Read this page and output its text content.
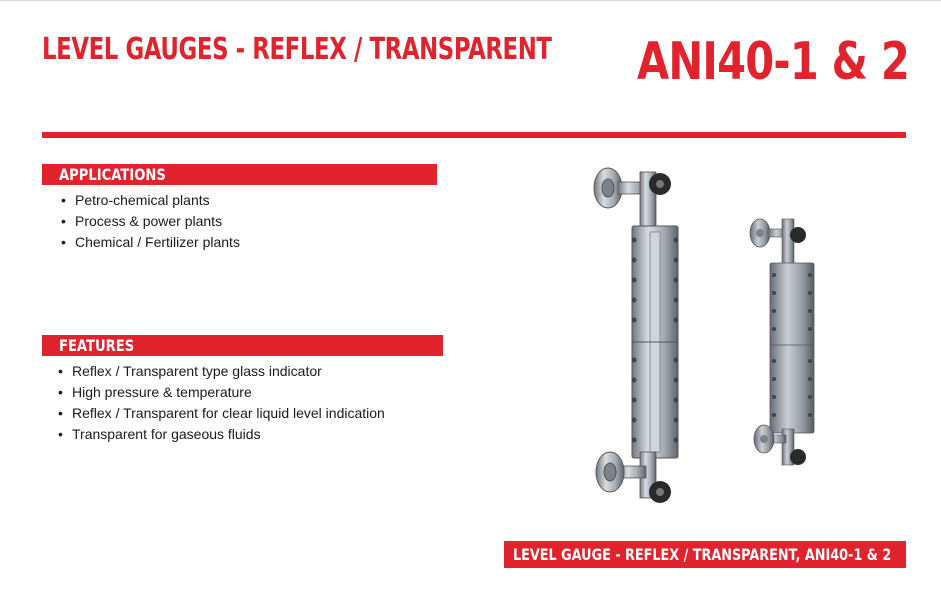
LEVEL GAUGES - REFLEX / TRANSPARENT ANI40-1 & 2
APPLICATIONS
• Petro-chemical plants
• Process & power plants
• Chemical / Fertilizer plants
FEATURES
• Reflex / Transparent type glass indicator
• High pressure & temperature
• Reflex / Transparent for clear liquid level indication
• Transparent for gaseous fluids
LEVEL GAUGE - REFLEX / TRANSPARENT, ANI40-1 & 2
